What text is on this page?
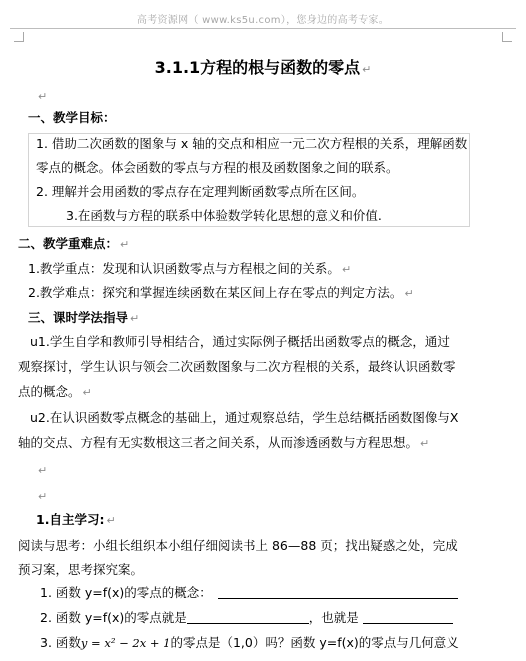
高考资源网（ www.ks5u.com），您身边的高考专家。
3.1.1方程的根与函数的零点 ↵
↵
一、教学目标：
1. 借助二次函数的图象与 x 轴的交点和相应一元二次方程根的关系，理解函数
零点的概念。体会函数的零点与方程的根及函数图象之间的联系。
2. 理解并会用函数的零点存在定理判断函数零点所在区间。
3.在函数与方程的联系中体验数学转化思想的意义和价值.
二、教学重难点： ↵
1.教学重点：发现和认识函数零点与方程根之间的关系。 ↵
2.教学难点：探究和掌握连续函数在某区间上存在零点的判定方法。 ↵
三、课时学法指导 ↵
u1.学生自学和教师引导相结合，通过实际例子概括出函数零点的概念，通过
观察探讨，学生认识与领会二次函数图象与二次方程根的关系，最终认识函数零
点的概念。 ↵
u2.在认识函数零点概念的基础上，通过观察总结，学生总结概括函数图像与X
轴的交点、方程有无实数根这三者之间关系，从而渗透函数与方程思想。 ↵
↵
↵
1.自主学习: ↵
阅读与思考：小组长组织本小组仔细阅读书上 86—88 页；找出疑惑之处，完成
预习案，思考探究案。
1. 函数 y=f(x)的零点的概念：
2. 函数 y=f(x)的零点就是	，也就是
3. 函数y = x² − 2x + 1的零点是（1,0）吗？函数 y=f(x)的零点与几何意义
